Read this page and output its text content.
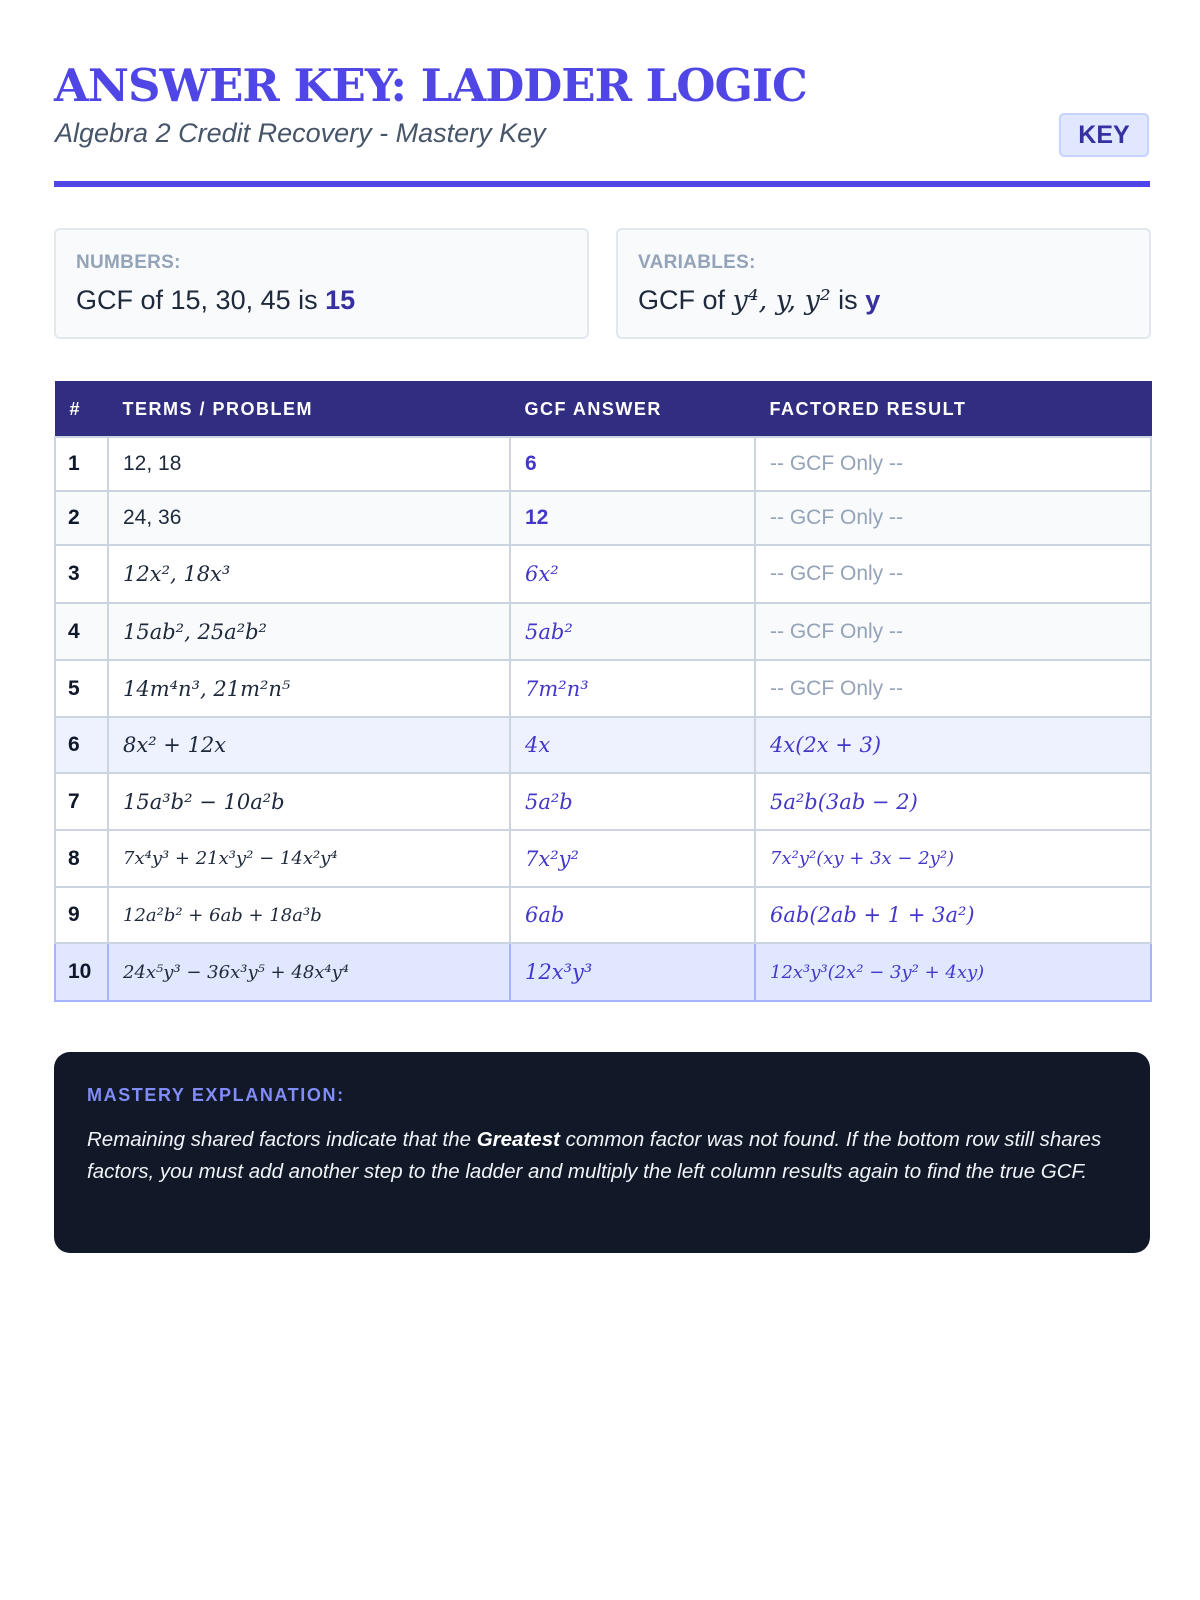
ANSWER KEY: LADDER LOGIC
Algebra 2 Credit Recovery - Mastery Key	KEY
NUMBERS:
GCF of 15, 30, 45 is 15
VARIABLES:
GCF of y⁴, y, y² is y
#	TERMS / PROBLEM	GCF ANSWER	FACTORED RESULT
1	12, 18	6	-- GCF Only --
2	24, 36	12	-- GCF Only --
3	12x², 18x³	6x²	-- GCF Only --
4	15ab², 25a²b²	5ab²	-- GCF Only --
5	14m⁴n³, 21m²n⁵	7m²n³	-- GCF Only --
6	8x² + 12x	4x	4x(2x + 3)
7	15a³b² − 10a²b	5a²b	5a²b(3ab − 2)
8	7x⁴y³ + 21x³y² − 14x²y⁴	7x²y²	7x²y²(xy + 3x − 2y²)
9	12a²b² + 6ab + 18a³b	6ab	6ab(2ab + 1 + 3a²)
10	24x⁵y³ − 36x³y⁵ + 48x⁴y⁴	12x³y³	12x³y³(2x² − 3y² + 4xy)
MASTERY EXPLANATION:
Remaining shared factors indicate that the Greatest common factor was not found. If the bottom row still shares factors, you must add another step to the ladder and multiply the left column results again to find the true GCF.
